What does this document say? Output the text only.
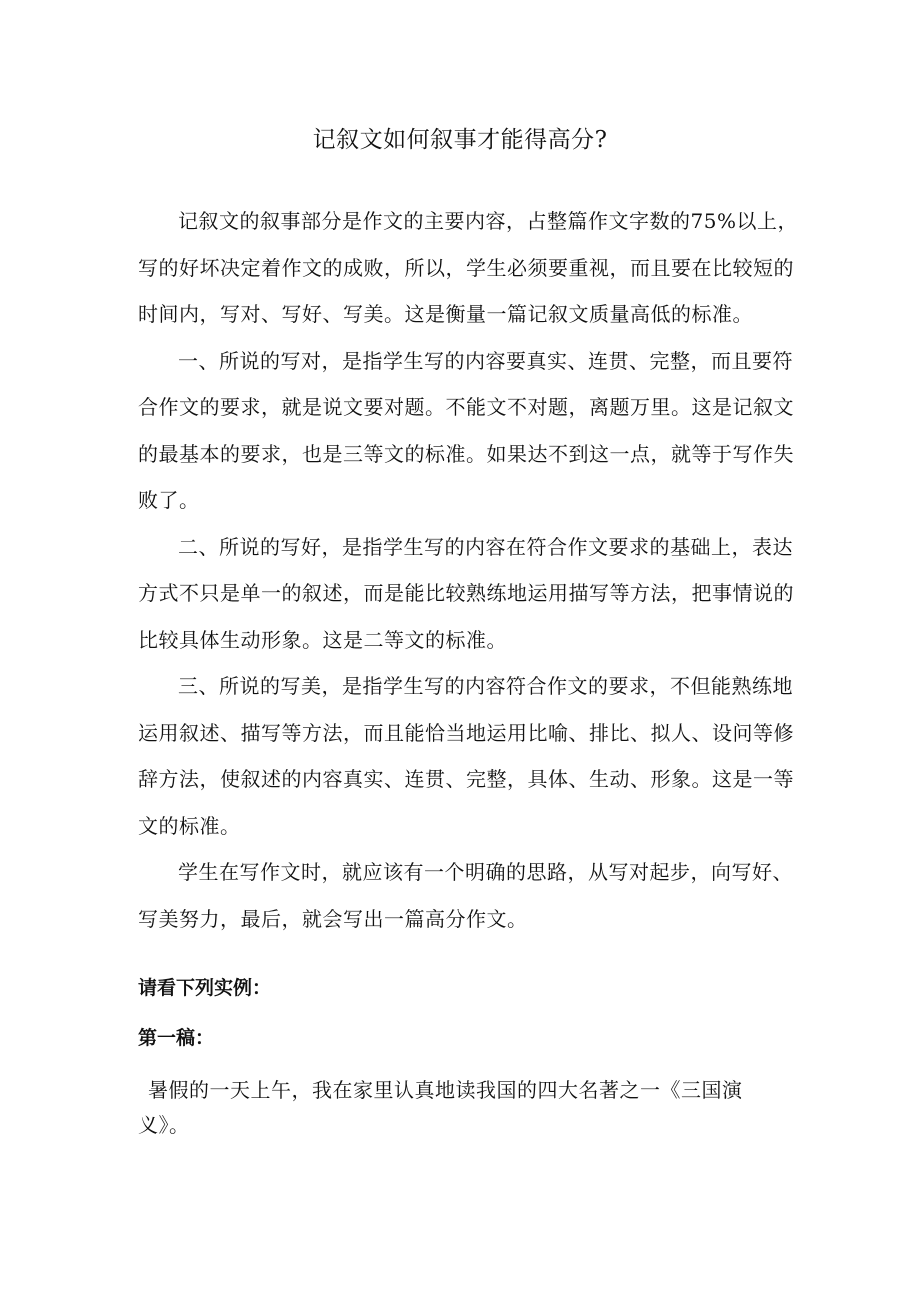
记叙文如何叙事才能得高分?

记叙文的叙事部分是作文的主要内容，占整篇作文字数的75%以上，写的好坏决定着作文的成败，所以，学生必须要重视，而且要在比较短的时间内，写对、写好、写美。这是衡量一篇记叙文质量高低的标准。

一、所说的写对，是指学生写的内容要真实、连贯、完整，而且要符合作文的要求，就是说文要对题。不能文不对题，离题万里。这是记叙文的最基本的要求，也是三等文的标准。如果达不到这一点，就等于写作失败了。

二、所说的写好，是指学生写的内容在符合作文要求的基础上，表达方式不只是单一的叙述，而是能比较熟练地运用描写等方法，把事情说的比较具体生动形象。这是二等文的标准。

三、所说的写美，是指学生写的内容符合作文的要求，不但能熟练地运用叙述、描写等方法，而且能恰当地运用比喻、排比、拟人、设问等修辞方法，使叙述的内容真实、连贯、完整，具体、生动、形象。这是一等文的标准。

学生在写作文时，就应该有一个明确的思路，从写对起步，向写好、写美努力，最后，就会写出一篇高分作文。

请看下列实例：
第一稿：

暑假的一天上午，我在家里认真地读我国的四大名著之一《三国演义》。
